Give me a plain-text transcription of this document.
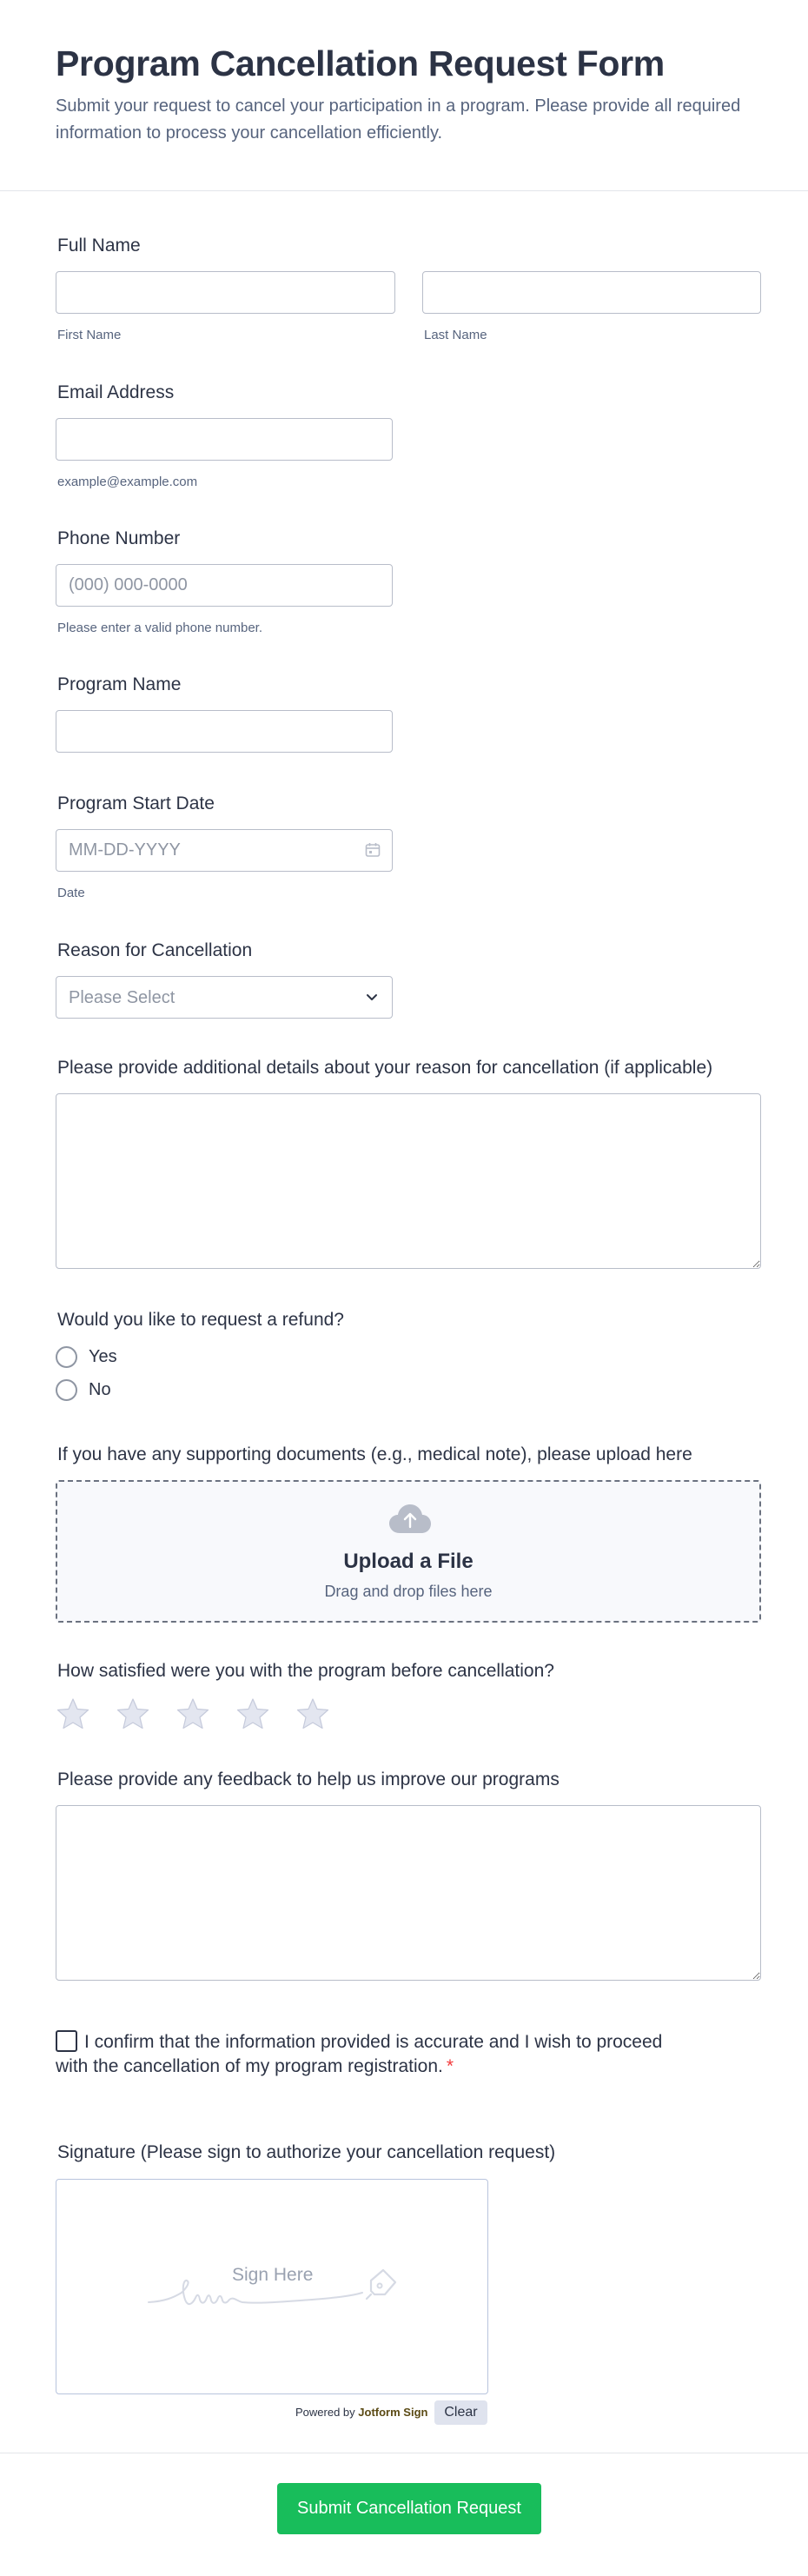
Program Cancellation Request Form

Submit your request to cancel your participation in a program. Please provide all required information to process your cancellation efficiently.

Full Name
First Name	Last Name
Email Address
example@example.com
Phone Number
(000) 000-0000
Please enter a valid phone number.
Program Name
Program Start Date
MM-DD-YYYY
Date
Reason for Cancellation
Please Select
Please provide additional details about your reason for cancellation (if applicable)
Would you like to request a refund?
Yes
No
If you have any supporting documents (e.g., medical note), please upload here
Upload a File
Drag and drop files here
How satisfied were you with the program before cancellation?
Please provide any feedback to help us improve our programs
I confirm that the information provided is accurate and I wish to proceed with the cancellation of my program registration. *
Signature (Please sign to authorize your cancellation request)
Sign Here
Powered by Jotform Sign	Clear
Submit Cancellation Request
